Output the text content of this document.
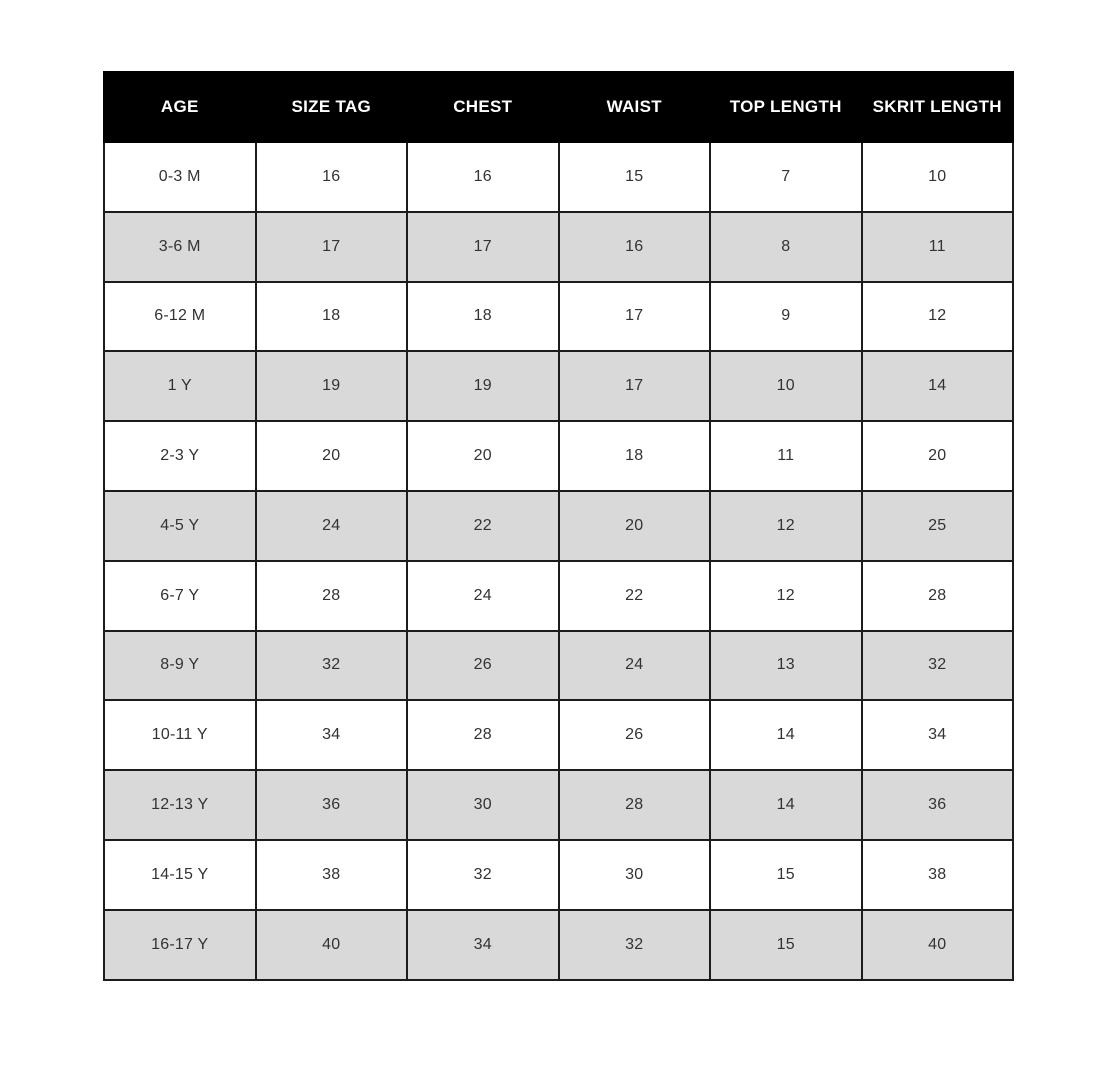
AGE	SIZE TAG	CHEST	WAIST	TOP LENGTH	SKRIT LENGTH
0-3 M	16	16	15	7	10
3-6 M	17	17	16	8	11
6-12 M	18	18	17	9	12
1 Y	19	19	17	10	14
2-3 Y	20	20	18	11	20
4-5 Y	24	22	20	12	25
6-7 Y	28	24	22	12	28
8-9 Y	32	26	24	13	32
10-11 Y	34	28	26	14	34
12-13 Y	36	30	28	14	36
14-15 Y	38	32	30	15	38
16-17 Y	40	34	32	15	40
